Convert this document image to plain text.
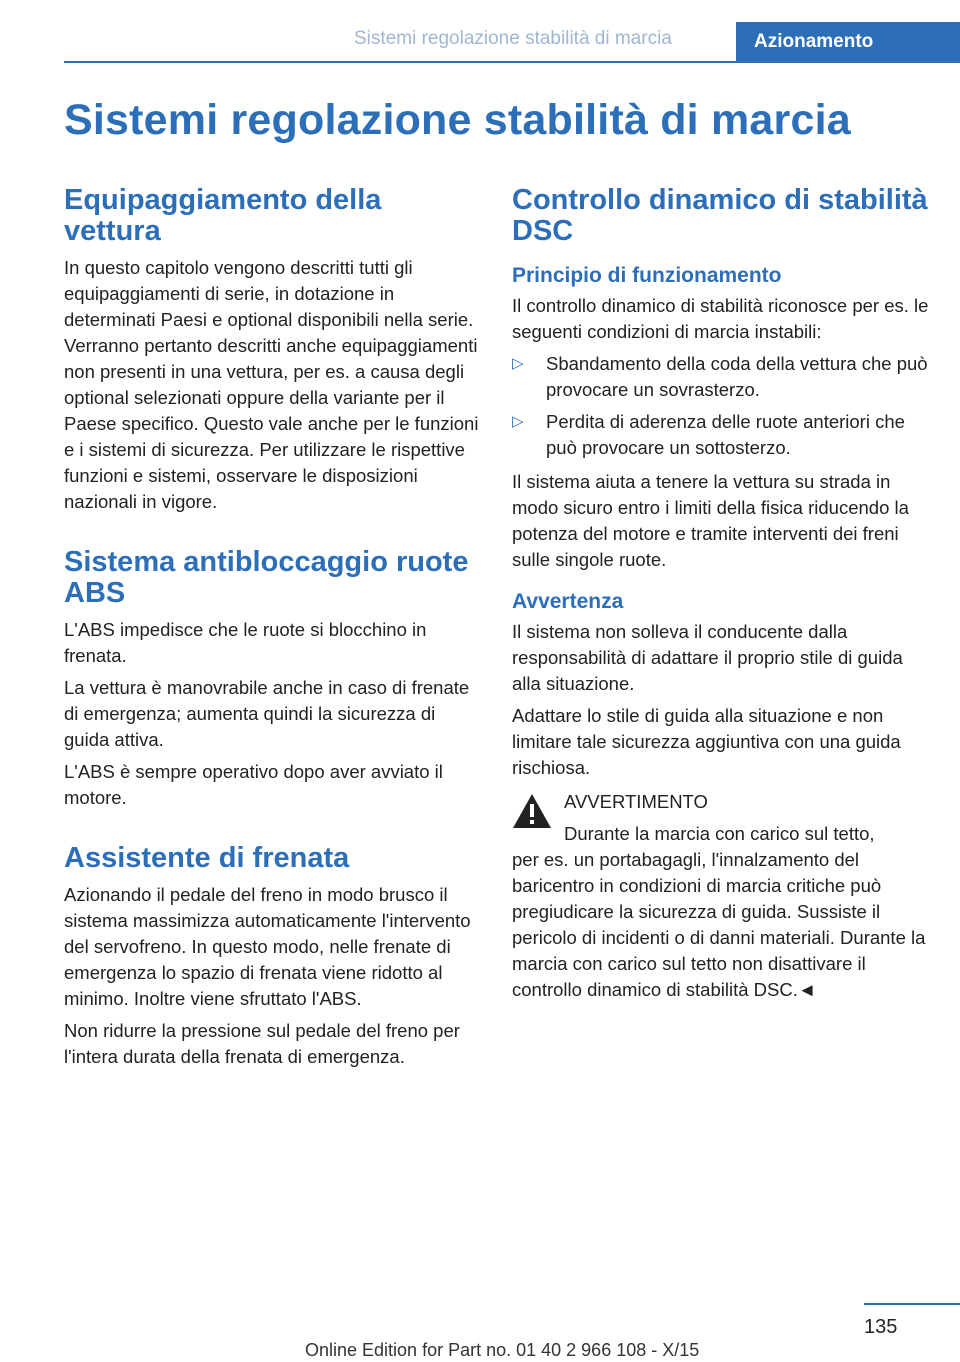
Sistemi regolazione stabilità di marcia	Azionamento
Sistemi regolazione stabilità di marcia
Equipaggiamento della vettura

In questo capitolo vengono descritti tutti gli equipaggiamenti di serie, in dotazione in determinati Paesi e optional disponibili nella serie. Verranno pertanto descritti anche equipaggiamenti non presenti in una vettura, per es. a causa degli optional selezionati oppure della variante per il Paese specifico. Questo vale anche per le funzioni e i sistemi di sicurezza. Per utilizzare le rispettive funzioni e sistemi, osservare le disposizioni nazionali in vigore.

Sistema antibloccaggio ruote ABS

L'ABS impedisce che le ruote si blocchino in frenata.

La vettura è manovrabile anche in caso di frenate di emergenza; aumenta quindi la sicurezza di guida attiva.

L'ABS è sempre operativo dopo aver avviato il motore.

Assistente di frenata

Azionando il pedale del freno in modo brusco il sistema massimizza automaticamente l'intervento del servofreno. In questo modo, nelle frenate di emergenza lo spazio di frenata viene ridotto al minimo. Inoltre viene sfruttato l'ABS.

Non ridurre la pressione sul pedale del freno per l'intera durata della frenata di emergenza.

Controllo dinamico di stabilità DSC
Principio di funzionamento

Il controllo dinamico di stabilità riconosce per es. le seguenti condizioni di marcia instabili:

▷ Sbandamento della coda della vettura che può provocare un sovrasterzo.
▷ Perdita di aderenza delle ruote anteriori che può provocare un sottosterzo.

Il sistema aiuta a tenere la vettura su strada in modo sicuro entro i limiti della fisica riducendo la potenza del motore e tramite interventi dei freni sulle singole ruote.

Avvertenza

Il sistema non solleva il conducente dalla responsabilità di adattare il proprio stile di guida alla situazione.

Adattare lo stile di guida alla situazione e non limitare tale sicurezza aggiuntiva con una guida rischiosa.

AVVERTIMENTO
Durante la marcia con carico sul tetto,
per es. un portabagagli, l'innalzamento del baricentro in condizioni di marcia critiche può pregiudicare la sicurezza di guida. Sussiste il pericolo di incidenti o di danni materiali. Durante la marcia con carico sul tetto non disattivare il controllo dinamico di stabilità DSC.◄
135
Online Edition for Part no. 01 40 2 966 108 - X/15
